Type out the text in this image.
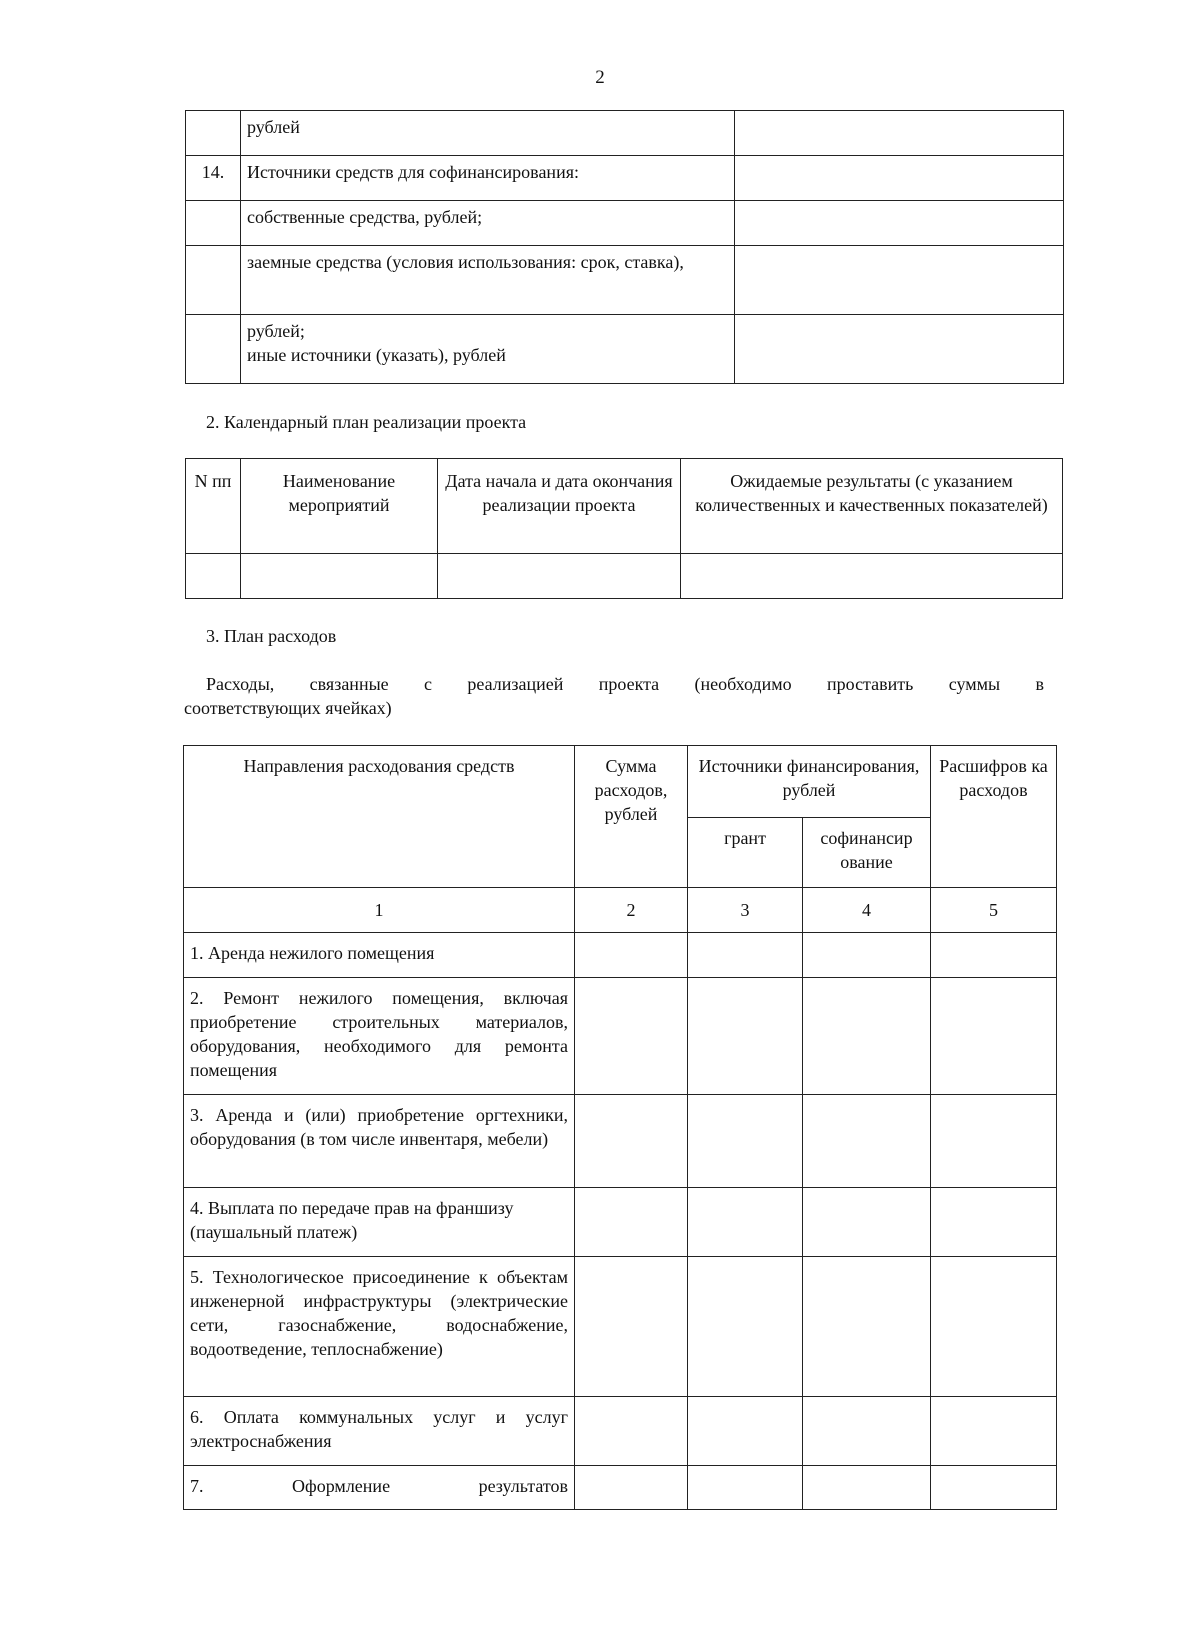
2
	рублей	
14.	Источники средств для софинансирования:	
	собственные средства, рублей;	
	заемные средства (условия использования: срок, ставка),	

	рублей;
иные источники (указать), рублей	

2. Календарный план реализации проекта
N пп	Наименование мероприятий	Дата начала и дата окончания реализации проекта	Ожидаемые результаты (с указанием количественных и качественных показателей)

3. План расходов
Расходы, связанные с реализацией проекта (необходимо проставить суммы в
соответствующих ячейках)
Направления расходования средств	Сумма расходов, рублей	Источники финансирования, рублей		Расшифров ка расходов
		грант	софинансир ование	
1	2	3	4	5
1. Аренда нежилого помещения				
2. Ремонт нежилого помещения, включая приобретение строительных материалов, оборудования, необходимого для ремонта помещения				
3. Аренда и (или) приобретение оргтехники, оборудования (в том числе инвентаря, мебели)				
4. Выплата по передаче прав на франшизу (паушальный платеж)				
5. Технологическое присоединение к объектам инженерной инфраструктуры (электрические сети, газоснабжение, водоснабжение, водоотведение, теплоснабжение)				
6. Оплата коммунальных услуг и услуг электроснабжения				
7. Оформление результатов				
